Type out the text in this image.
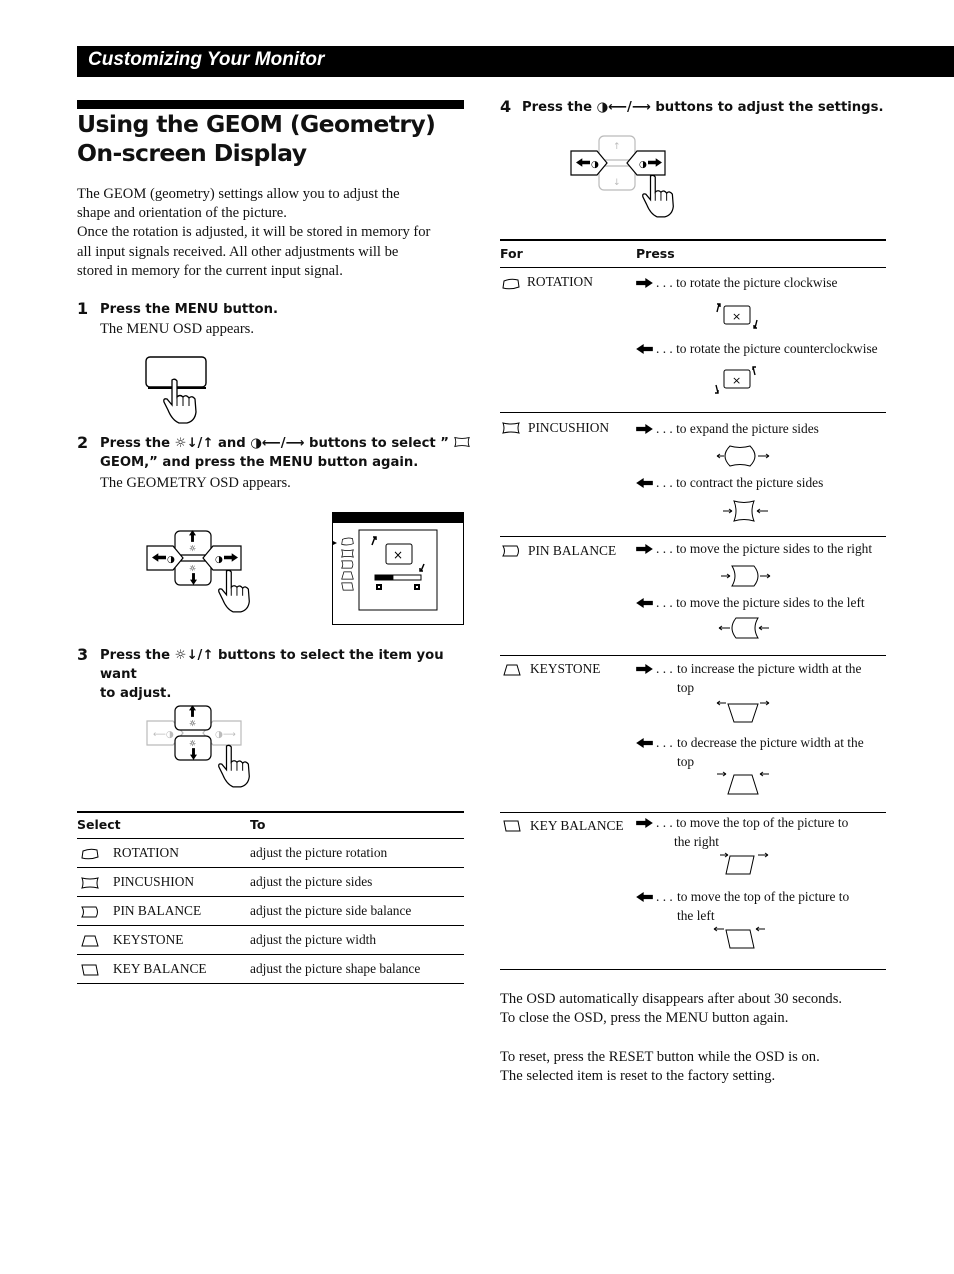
Customizing Your Monitor
Using the GEOM (Geometry) On-screen Display
The GEOM (geometry) settings allow you to adjust the
shape and orientation of the picture.
Once the rotation is adjusted, it will be stored in memory for
all input signals received. All other adjustments will be
stored in memory for the current input signal.
1 Press the MENU button.
The MENU OSD appears.
2 Press the ☼↓/↑ and ◑⟵/⟶ buttons to select ”
GEOM,” and press the MENU button again.
The GEOMETRY OSD appears.
☼
☼
◑	◑	×
3 Press the ☼↓/↑ buttons to select the item you want
to adjust.
☼
☼
⟵◑	◑⟶
Select	To
ROTATION	adjust the picture rotation
PINCUSHION	adjust the picture sides
PIN BALANCE	adjust the picture side balance
KEYSTONE	adjust the picture width
KEY BALANCE	adjust the picture shape balance
4 Press the ◑⟵/⟶ buttons to adjust the settings.
↑
↓
◑	◑
For	Press
ROTATION	. . . to rotate the picture clockwise
×
. . . to rotate the picture counterclockwise
×
PINCUSHION	. . . to expand the picture sides
. . . to contract the picture sides
PIN BALANCE	. . . to move the picture sides to the right
. . . to move the picture sides to the left
KEYSTONE	. . . to increase the picture width at the
top
. . . to decrease the picture width at the
top
KEY BALANCE . . . to move the top of the picture to
the right
. . . to move the top of the picture to
the left
The OSD automatically disappears after about 30 seconds.
To close the OSD, press the MENU button again.
To reset, press the RESET button while the OSD is on.
The selected item is reset to the factory setting.
